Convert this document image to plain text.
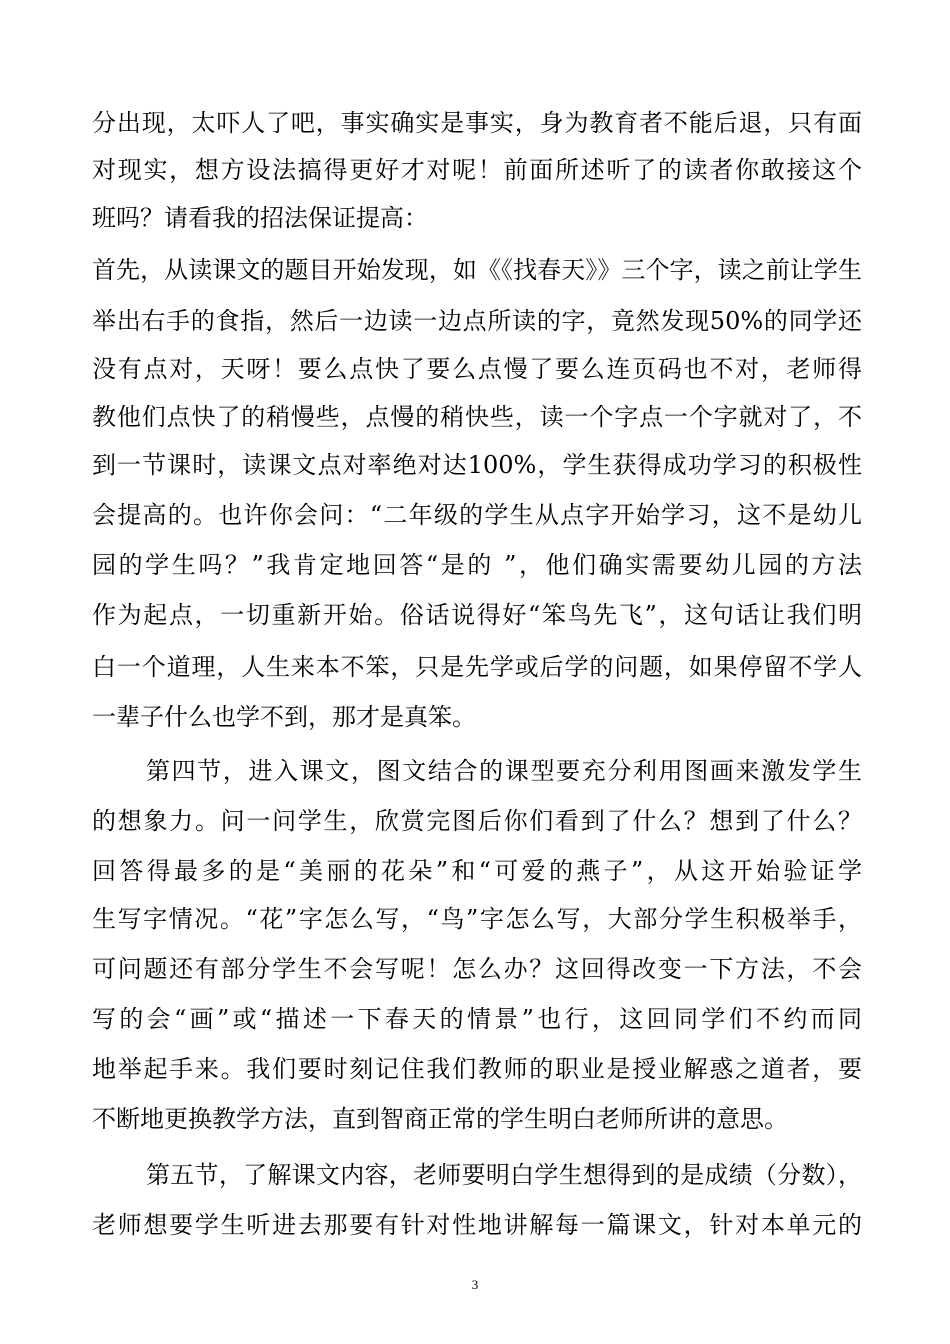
分出现，太吓人了吧，事实确实是事实，身为教育者不能后退，只有面
对现实，想方设法搞得更好才对呢！前面所述听了的读者你敢接这个
班吗？请看我的招法保证提高：
首先，从读课文的题目开始发现，如《《找春天》》三个字，读之前让学生
举出右手的食指，然后一边读一边点所读的字，竟然发现50%的同学还
没有点对，天呀！要么点快了要么点慢了要么连页码也不对，老师得
教他们点快了的稍慢些，点慢的稍快些，读一个字点一个字就对了，不
到一节课时，读课文点对率绝对达100%，学生获得成功学习的积极性
会提高的。也许你会问：“二年级的学生从点字开始学习，这不是幼儿
园的学生吗？”我肯定地回答“是的 ”，他们确实需要幼儿园的方法
作为起点，一切重新开始。俗话说得好“笨鸟先飞”，这句话让我们明
白一个道理，人生来本不笨，只是先学或后学的问题，如果停留不学人
一辈子什么也学不到，那才是真笨。
第四节，进入课文，图文结合的课型要充分利用图画来激发学生
的想象力。问一问学生，欣赏完图后你们看到了什么？想到了什么？
回答得最多的是“美丽的花朵”和“可爱的燕子”，从这开始验证学
生写字情况。“花”字怎么写，“鸟”字怎么写，大部分学生积极举手，
可问题还有部分学生不会写呢！怎么办？这回得改变一下方法，不会
写的会“画”或“描述一下春天的情景”也行，这回同学们不约而同
地举起手来。我们要时刻记住我们教师的职业是授业解惑之道者，要
不断地更换教学方法，直到智商正常的学生明白老师所讲的意思。
第五节，了解课文内容，老师要明白学生想得到的是成绩（分数），
老师想要学生听进去那要有针对性地讲解每一篇课文，针对本单元的
3
